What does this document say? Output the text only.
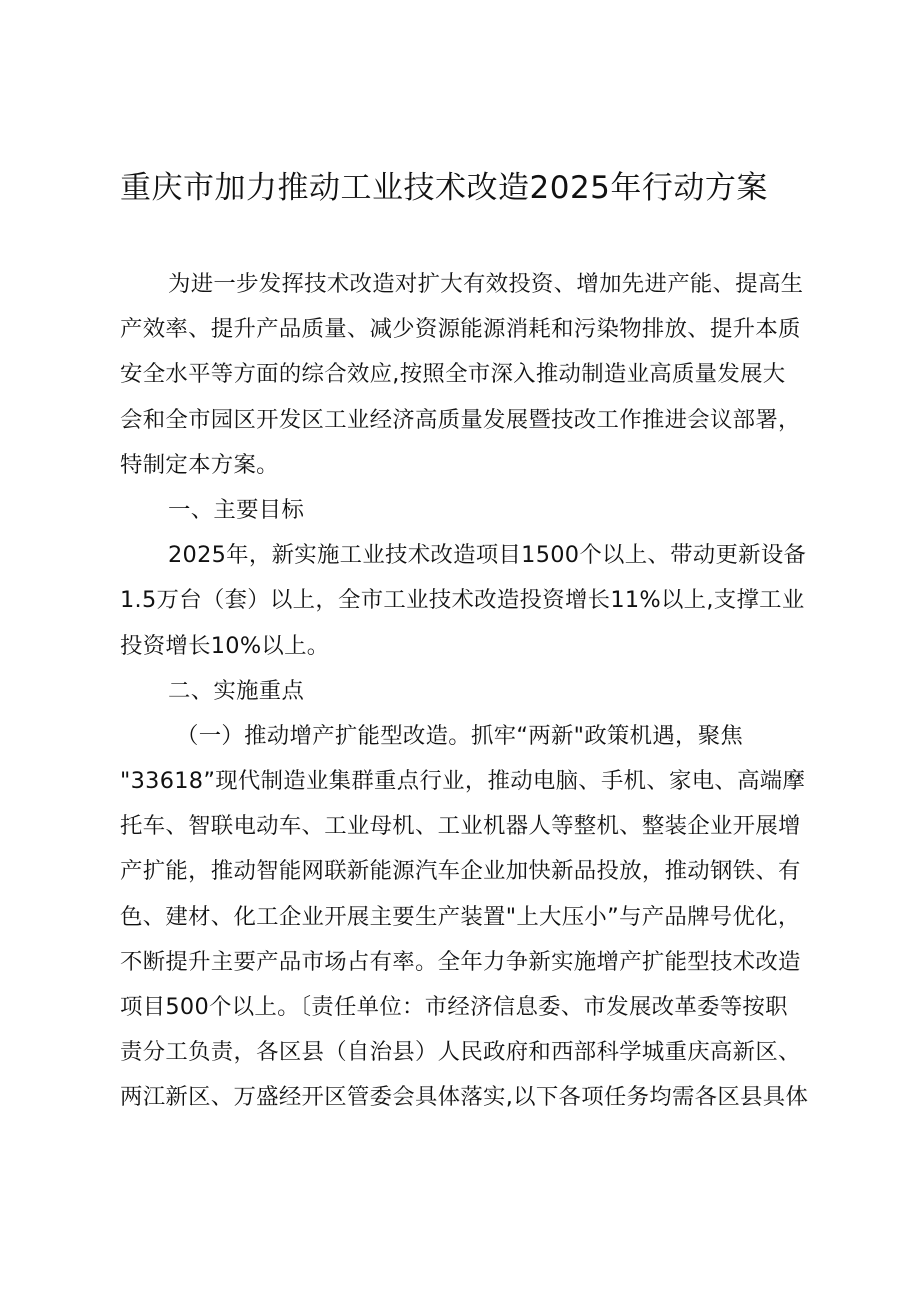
重庆市加力推动工业技术改造2025年行动方案
为进一步发挥技术改造对扩大有效投资、增加先进产能、提高生
产效率、提升产品质量、减少资源能源消耗和污染物排放、提升本质
安全水平等方面的综合效应,按照全市深入推动制造业高质量发展大
会和全市园区开发区工业经济高质量发展暨技改工作推进会议部署，
特制定本方案。
一、主要目标
2025年，新实施工业技术改造项目1500个以上、带动更新设备
1.5万台（套）以上，全市工业技术改造投资增长11%以上,支撑工业
投资增长10%以上。
二、实施重点
（一）推动增产扩能型改造。抓牢“两新"政策机遇，聚焦
"33618”现代制造业集群重点行业，推动电脑、手机、家电、高端摩
托车、智联电动车、工业母机、工业机器人等整机、整装企业开展增
产扩能，推动智能网联新能源汽车企业加快新品投放，推动钢铁、有
色、建材、化工企业开展主要生产装置"上大压小”与产品牌号优化，
不断提升主要产品市场占有率。全年力争新实施增产扩能型技术改造
项目500个以上。〔责任单位：市经济信息委、市发展改革委等按职
责分工负责，各区县（自治县）人民政府和西部科学城重庆高新区、
两江新区、万盛经开区管委会具体落实,以下各项任务均需各区县具体
